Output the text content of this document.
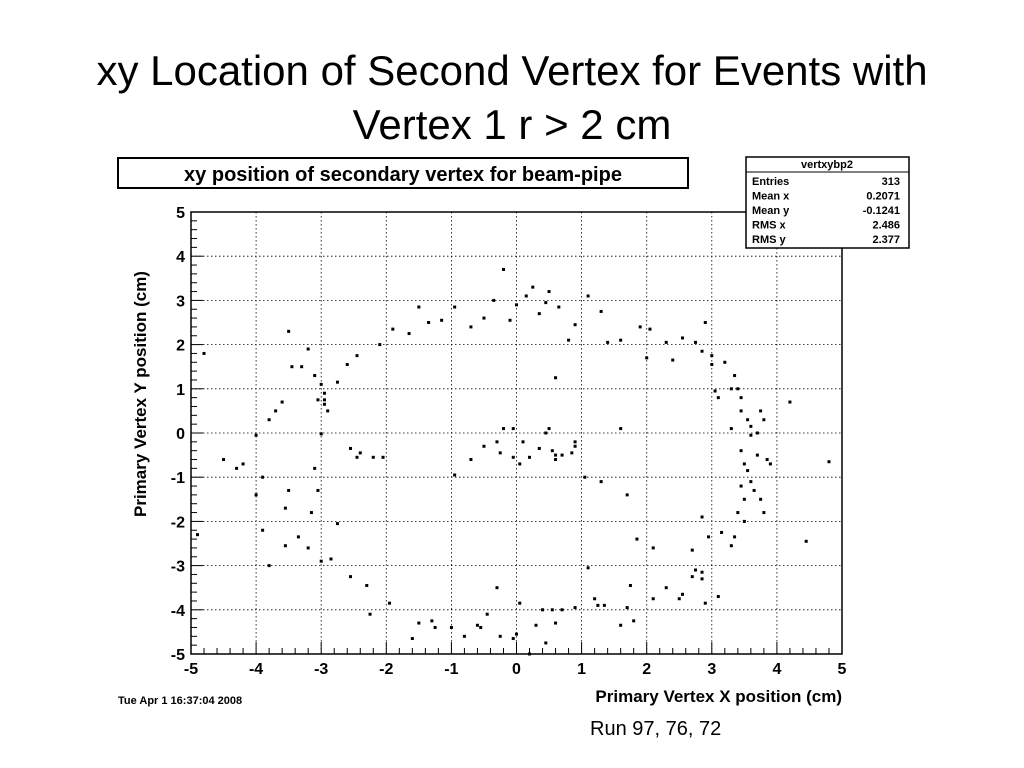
xy Location of Second Vertex for Events with
Vertex 1 r > 2 cm
xy position of secondary vertex for beam-pipe
-5	-4	-3	-2	-1	0	1	2	3	4	5
-5
-4
-3
-2
-1
0
1
2
3
4
5
Primary Vertex X position (cm)
Primary Vertex Y position (cm)
Tue Apr 1 16:37:04 2008
vertxybp2
Entries	313
Mean x	0.2071
Mean y	-0.1241
RMS x	2.486
RMS y	2.377
Run 97, 76, 72
